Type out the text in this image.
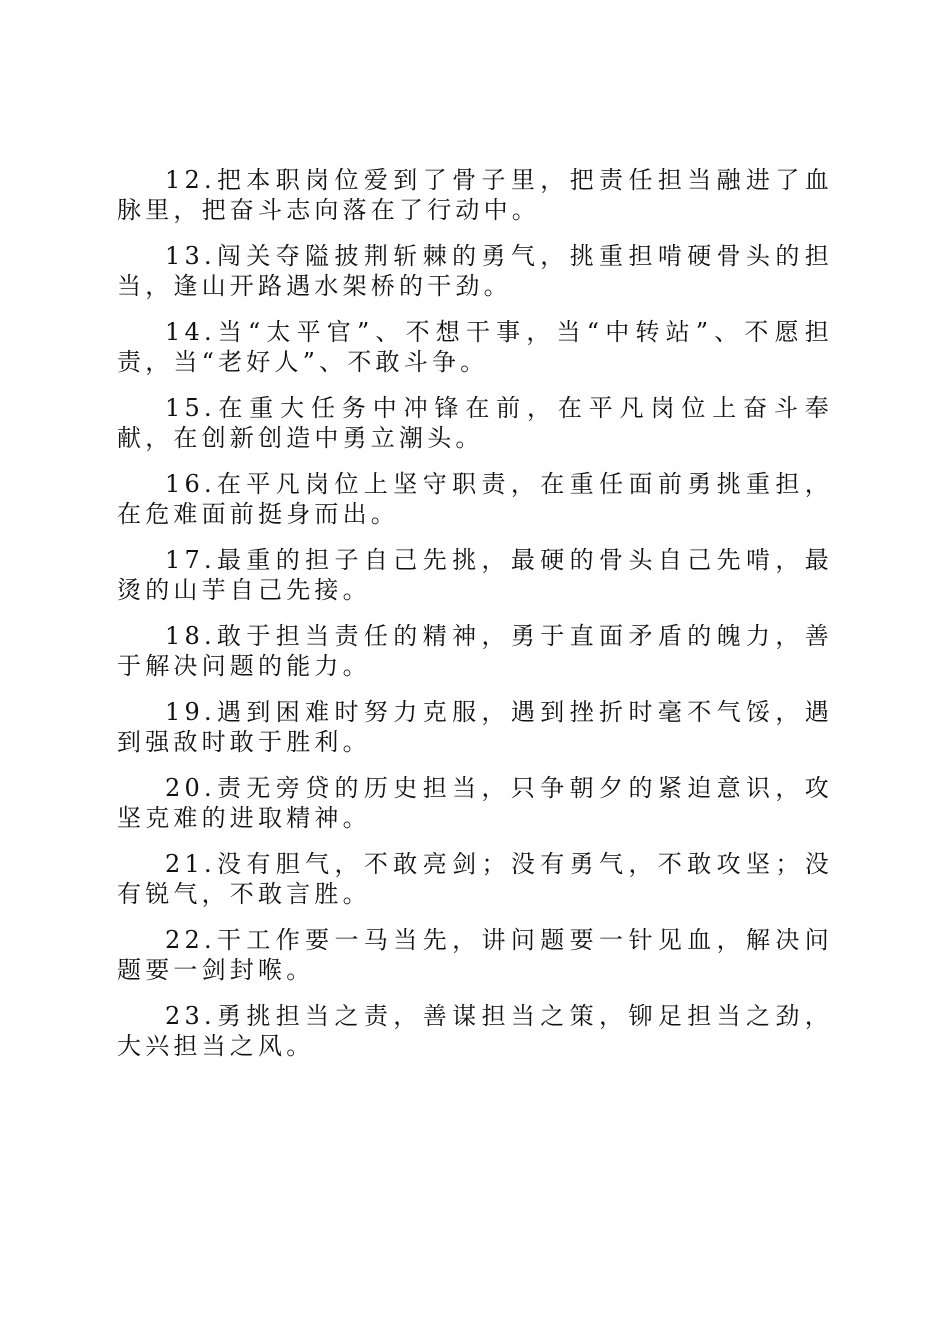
12.把本职岗位爱到了骨子里，把责任担当融进了血脉里，把奋斗志向落在了行动中。

13.闯关夺隘披荆斩棘的勇气，挑重担啃硬骨头的担当，逢山开路遇水架桥的干劲。

14.当“太平官”、不想干事，当“中转站”、不愿担责，当“老好人”、不敢斗争。

15.在重大任务中冲锋在前，在平凡岗位上奋斗奉献，在创新创造中勇立潮头。

16.在平凡岗位上坚守职责，在重任面前勇挑重担，在危难面前挺身而出。

17.最重的担子自己先挑，最硬的骨头自己先啃，最烫的山芋自己先接。

18.敢于担当责任的精神，勇于直面矛盾的魄力，善于解决问题的能力。

19.遇到困难时努力克服，遇到挫折时毫不气馁，遇到强敌时敢于胜利。

20.责无旁贷的历史担当，只争朝夕的紧迫意识，攻坚克难的进取精神。

21.没有胆气，不敢亮剑；没有勇气，不敢攻坚；没有锐气，不敢言胜。

22.干工作要一马当先，讲问题要一针见血，解决问题要一剑封喉。

23.勇挑担当之责，善谋担当之策，铆足担当之劲，大兴担当之风。
